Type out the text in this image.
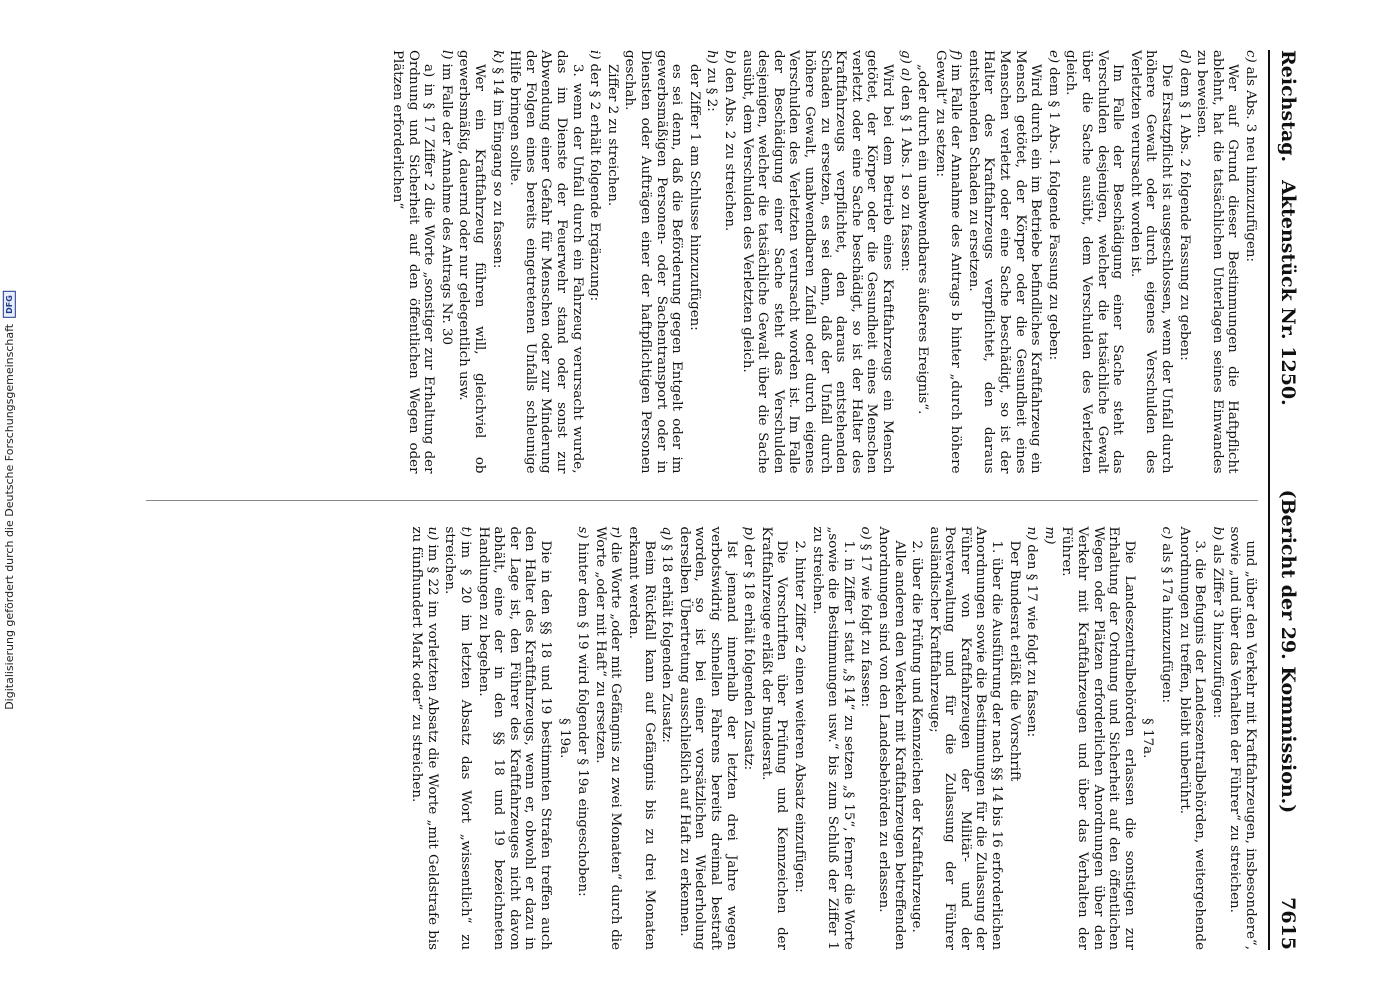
Digitalisierung gefördert durch die Deutsche Forschungsgemeinschaft
DFG
Reichstag.
Aktenstück Nr. 1250.
(Bericht der 29. Kommission.)
7615
c)als Abs. 3 neu hinzuzufügen:
Wer auf Grund dieser Bestimmungen die Haftpflicht ablehnt, hat die tatsächlichen Unterlagen seines Einwandes zu beweisen.
d)dem § 1 Abs. 2 folgende Fassung zu geben:
Die Ersatzpflicht ist ausgeschlossen, wenn der Unfall durch höhere Gewalt oder durch eigenes Verschulden des Verletzten verursacht worden ist.
Im Falle der Beschädigung einer Sache steht das Verschulden desjenigen, welcher die tatsächliche Gewalt über die Sache ausübt, dem Verschulden des Verletzten gleich.
e)dem § 1 Abs. 1 folgende Fassung zu geben:
Wird durch ein im Betriebe befindliches Kraftfahrzeug ein Mensch getötet, der Körper oder die Gesundheit eines Menschen verletzt oder eine Sache beschädigt, so ist der Halter des Kraftfahrzeugs verpflichtet, den daraus entstehenden Schaden zu ersetzen.
f)im Falle der Annahme des Antrags b hinter „durch höhere Gewalt“ zu setzen:
„oder durch ein unabwendbares äußeres Ereignis“.
g) a)den § 1 Abs. 1 so zu fassen:
Wird bei dem Betrieb eines Kraftfahrzeugs ein Mensch getötet, der Körper oder die Gesundheit eines Menschen verletzt oder eine Sache beschädigt, so ist der Halter des Kraftfahrzeugs verpflichtet, den daraus entstehenden Schaden zu ersetzen, es sei denn, daß der Unfall durch höhere Gewalt, unabwendbaren Zufall oder durch eigenes Verschulden des Verletzten verursacht worden ist. Im Falle der Beschädigung einer Sache steht das Verschulden desjenigen, welcher die tatsächliche Gewalt über die Sache ausübt, dem Verschulden des Verletzten gleich.
b)den Abs. 2 zu streichen.
h)zu § 2:
der Ziffer 1 am Schlusse hinzuzufügen:
es sei denn, daß die Beförderung gegen Entgelt oder im gewerbsmäßigen Personen- oder Sachentransport oder in Diensten oder Aufträgen einer der haftpflichtigen Personen geschah.
Ziffer 2 zu streichen.
i)der § 2 erhält folgende Ergänzung:
3. wenn der Unfall durch ein Fahrzeug verursacht wurde, das im Dienste der Feuerwehr stand oder sonst zur Abwendung einer Gefahr für Menschen oder zur Minderung der Folgen eines bereits eingetretenen Unfalls schleunige Hilfe bringen sollte.
k)§ 14 im Eingang so zu fassen:
Wer ein Kraftfahrzeug führen will, gleichviel ob gewerbsmäßig, dauernd oder nur gelegentlich usw.
l)im Falle der Annahme des Antrags Nr. 30
a) in § 17 Ziffer 2 die Worte „sonstiger zur Erhaltung der Ordnung und Sicherheit auf den öffentlichen Wegen oder Plätzen erforderlichen“
und „über den Verkehr mit Kraftfahrzeugen, insbesondere“, sowie „und über das Verhalten der Führer“ zu streichen.
b)als Ziffer 3 hinzuzufügen:
3. die Befugnis der Landeszentralbehörden, weitergehende Anordnungen zu treffen, bleibt unberührt.
c)als § 17a hinzuzufügen:
§ 17a.
Die Landeszentralbehörden erlassen die sonstigen zur Erhaltung der Ordnung und Sicherheit auf den öffentlichen Wegen oder Plätzen erforderlichen Anordnungen über den Verkehr mit Kraftfahrzeugen und über das Verhalten der Führer.
m)
n)den § 17 wie folgt zu fassen:
Der Bundesrat erläßt die Vorschrift
1. über die Ausführung der nach §§ 14 bis 16 erforderlichen Anordnungen sowie die Bestimmungen für die Zulassung der Führer von Kraftfahrzeugen der Militär- und der Postverwaltung und für die Zulassung der Führer ausländischer Kraftfahrzeuge;
2. über die Prüfung und Kennzeichen der Kraftfahrzeuge.
Alle anderen den Verkehr mit Kraftfahrzeugen betreffenden Anordnungen sind von den Landesbehörden zu erlassen.
o)§ 17 wie folgt zu fassen:
1. in Ziffer 1 statt „§ 14“ zu setzen „§ 15“, ferner die Worte „sowie die Bestimmungen usw.“ bis zum Schluß der Ziffer 1 zu streichen.
2. hinter Ziffer 2 einen weiteren Absatz einzufügen:
Die Vorschriften über Prüfung und Kennzeichen der Kraftfahrzeuge erläßt der Bundesrat.
p)der § 18 erhält folgenden Zusatz:
Ist jemand innerhalb der letzten drei Jahre wegen verbotswidrig schnellen Fahrens bereits dreimal bestraft worden, so ist bei einer vorsätzlichen Wiederholung derselben Übertretung ausschließlich auf Haft zu erkennen.
q)§ 18 erhält folgenden Zusatz:
Beim Rückfall kann auf Gefängnis bis zu drei Monaten erkannt werden.
r)die Worte „oder mit Gefängnis zu zwei Monaten“ durch die Worte „oder mit Haft“ zu ersetzen.
s)hinter dem § 19 wird folgender § 19a eingeschoben:
§ 19a.
Die in den §§ 18 und 19 bestimmten Strafen treffen auch den Halter des Kraftfahrzeugs, wenn er, obwohl er dazu in der Lage ist, den Führer des Kraftfahrzeuges nicht davon abhält, eine der in den §§ 18 und 19 bezeichneten Handlungen zu begehen.
t)im § 20 im letzten Absatz das Wort „wissentlich“ zu streichen.
u)im § 22 im vorletzten Absatz die Worte „mit Geldstrafe bis zu fünfhundert Mark oder“ zu streichen.
